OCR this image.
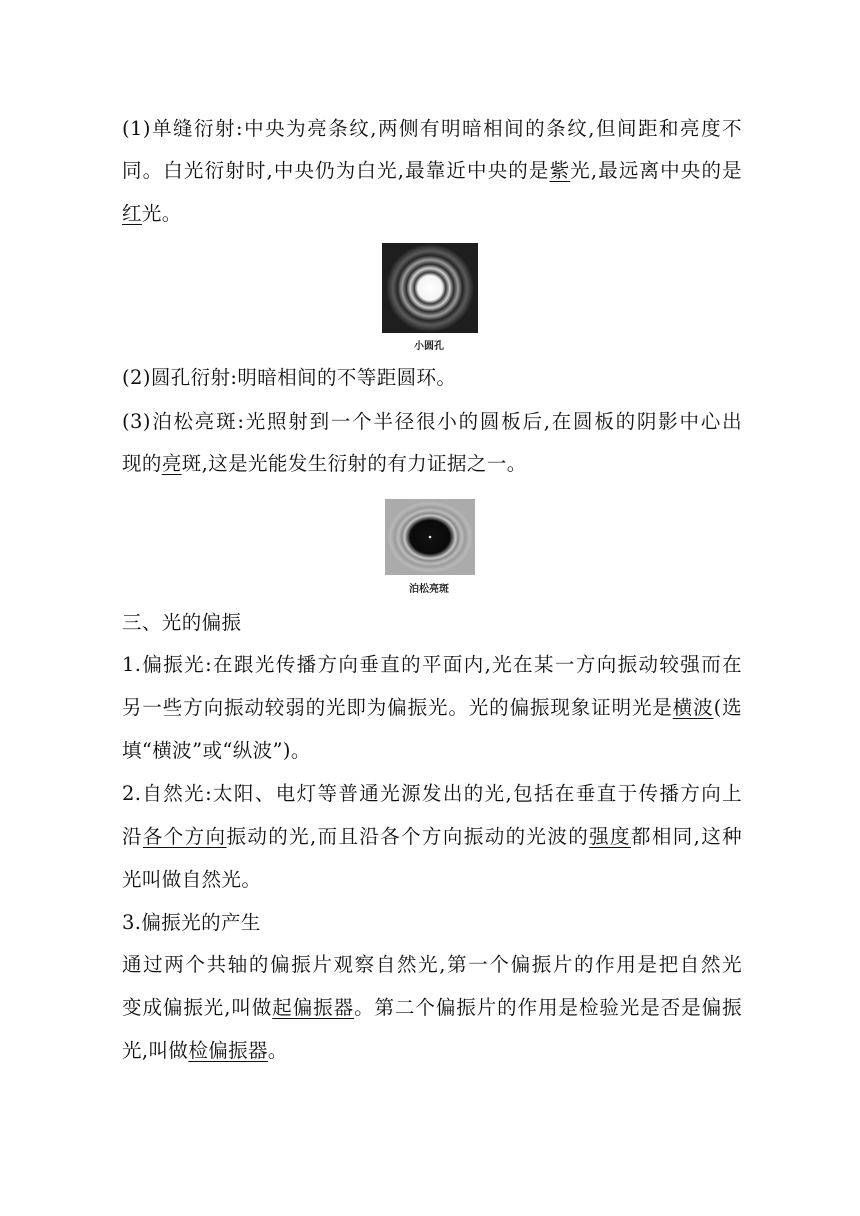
(1)单缝衍射:中央为亮条纹,两侧有明暗相间的条纹,但间距和亮度不
同。白光衍射时,中央仍为白光,最靠近中央的是紫光,最远离中央的是
红光。
小圆孔
(2)圆孔衍射:明暗相间的不等距圆环。
(3)泊松亮斑:光照射到一个半径很小的圆板后,在圆板的阴影中心出
现的亮斑,这是光能发生衍射的有力证据之一。
泊松亮斑
三、光的偏振
1.偏振光:在跟光传播方向垂直的平面内,光在某一方向振动较强而在
另一些方向振动较弱的光即为偏振光。光的偏振现象证明光是横波(选
填“横波”或“纵波”)。
2.自然光:太阳、电灯等普通光源发出的光,包括在垂直于传播方向上
沿各个方向振动的光,而且沿各个方向振动的光波的强度都相同,这种
光叫做自然光。
3.偏振光的产生
通过两个共轴的偏振片观察自然光,第一个偏振片的作用是把自然光
变成偏振光,叫做起偏振器。第二个偏振片的作用是检验光是否是偏振
光,叫做检偏振器。
